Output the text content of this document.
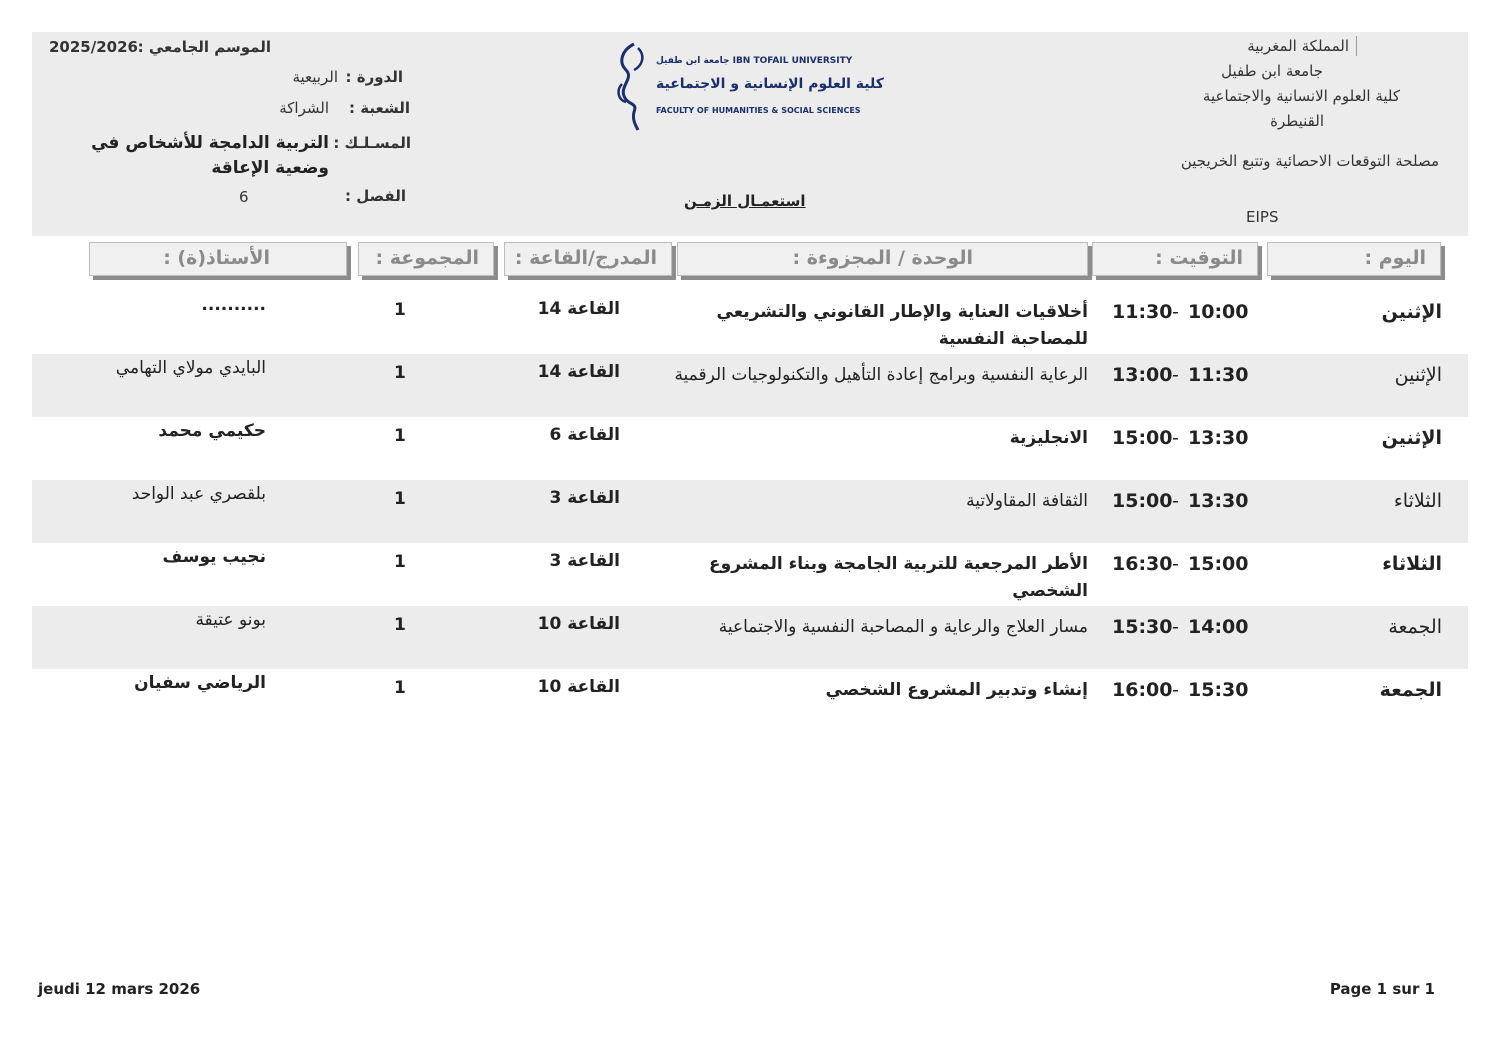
المملكة المغربية
جامعة ابن طفيل
كلية العلوم الانسانية والاجتماعية
القنيطرة
مصلحة التوقعات الاحصائية وتتبع الخريجين
EIPS
جامعة ابن طفيل IBN TOFAIL UNIVERSITY
كلية العلوم الإنسانية و الاجتماعية
FACULTY OF HUMANITIES & SOCIAL SCIENCES
استعمـال الزمـن
الموسم الجامعي :
2025/2026
الدورة :
الربيعية
الشعبة :
الشراكة
المسـلـك :
التربية الدامجة للأشخاص في وضعية الإعاقة
الفصل :
6
اليوم :
التوقيت :
الوحدة / المجزوءة :
المدرج/القاعة :
المجموعة :
الأستاذ(ة) :
الإثنين
11:30 - 10:00
أخلاقيات العناية والإطار القانوني والتشريعي للمصاحبة النفسية
القاعة 14
1
..........
الإثنين
13:00 - 11:30
الرعاية النفسية وبرامج إعادة التأهيل والتكنولوجيات الرقمية
القاعة 14
1
البايدي مولاي التهامي
الإثنين
15:00 - 13:30
الانجليزية
القاعة 6
1
حكيمي محمد
الثلاثاء
15:00 - 13:30
الثقافة المقاولاتية
القاعة 3
1
بلقصري عبد الواحد
الثلاثاء
16:30 - 15:00
الأطر المرجعية للتربية الجامجة وبناء المشروع الشخصي
القاعة 3
1
نجيب يوسف
الجمعة
15:30 - 14:00
مسار العلاج والرعاية و المصاحبة النفسية والاجتماعية
القاعة 10
1
بونو عتيقة
الجمعة
16:00 - 15:30
إنشاء وتدبير المشروع الشخصي
القاعة 10
1
الرياضي سفيان
jeudi 12 mars 2026	Page 1 sur 1
